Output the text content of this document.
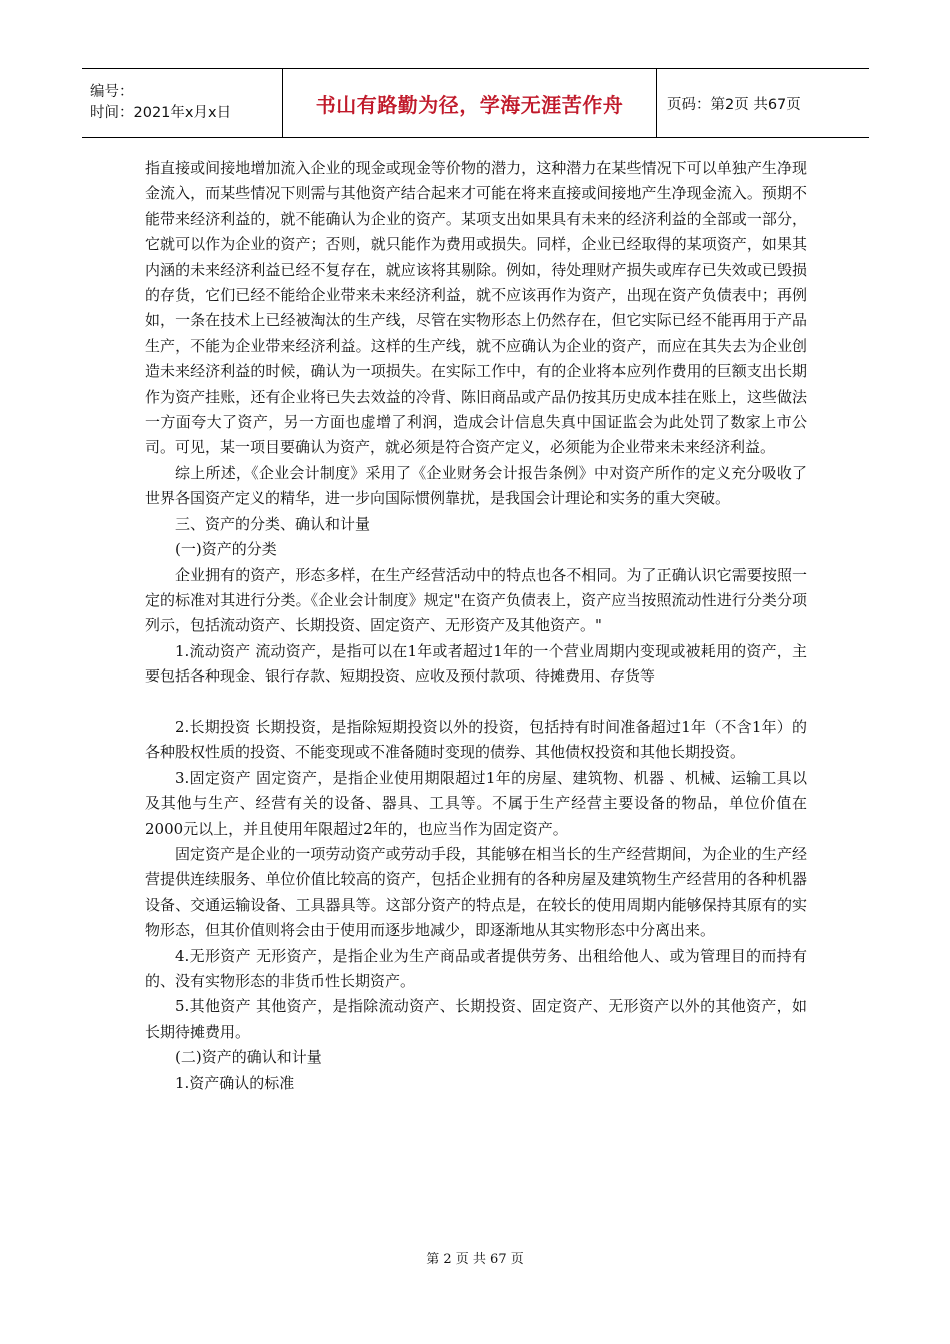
编号：
时间：2021年x月x日	书山有路勤为径，学海无涯苦作舟	页码：第2页 共67页

指直接或间接地增加流入企业的现金或现金等价物的潜力，这种潜力在某些情况下可以单独产生净现金流入，而某些情况下则需与其他资产结合起来才可能在将来直接或间接地产生净现金流入。预期不能带来经济利益的，就不能确认为企业的资产。某项支出如果具有未来的经济利益的全部或一部分，它就可以作为企业的资产；否则，就只能作为费用或损失。同样，企业已经取得的某项资产，如果其内涵的未来经济利益已经不复存在，就应该将其剔除。例如，待处理财产损失或库存已失效或已毁损的存货，它们已经不能给企业带来未来经济利益，就不应该再作为资产，出现在资产负债表中；再例如，一条在技术上已经被淘汰的生产线，尽管在实物形态上仍然存在，但它实际已经不能再用于产品生产，不能为企业带来经济利益。这样的生产线，就不应确认为企业的资产，而应在其失去为企业创造未来经济利益的时候，确认为一项损失。在实际工作中，有的企业将本应列作费用的巨额支出长期作为资产挂账，还有企业将已失去效益的冷背、陈旧商品或产品仍按其历史成本挂在账上，这些做法一方面夸大了资产，另一方面也虚增了利润，造成会计信息失真中国证监会为此处罚了数家上市公司。可见，某一项目要确认为资产，就必须是符合资产定义，必须能为企业带来未来经济利益。

综上所述，《企业会计制度》采用了《企业财务会计报告条例》中对资产所作的定义充分吸收了世界各国资产定义的精华，进一步向国际惯例靠扰，是我国会计理论和实务的重大突破。

三、资产的分类、确认和计量

(一)资产的分类

企业拥有的资产，形态多样，在生产经营活动中的特点也各不相同。为了正确认识它需要按照一定的标准对其进行分类。《企业会计制度》规定"在资产负债表上，资产应当按照流动性进行分类分项列示，包括流动资产、长期投资、固定资产、无形资产及其他资产。"

1.流动资产 流动资产，是指可以在1年或者超过1年的一个营业周期内变现或被耗用的资产，主要包括各种现金、银行存款、短期投资、应收及预付款项、待摊费用、存货等

2.长期投资 长期投资，是指除短期投资以外的投资，包括持有时间准备超过1年（不含1年）的各种股权性质的投资、不能变现或不准备随时变现的债券、其他债权投资和其他长期投资。

3.固定资产 固定资产，是指企业使用期限超过1年的房屋、建筑物、机器 、机械、运输工具以及其他与生产、经营有关的设备、器具、工具等。不属于生产经营主要设备的物品，单位价值在2000元以上，并且使用年限超过2年的，也应当作为固定资产。

固定资产是企业的一项劳动资产或劳动手段，其能够在相当长的生产经营期间，为企业的生产经营提供连续服务、单位价值比较高的资产，包括企业拥有的各种房屋及建筑物生产经营用的各种机器设备、交通运输设备、工具器具等。这部分资产的特点是，在较长的使用周期内能够保持其原有的实物形态，但其价值则将会由于使用而逐步地减少，即逐渐地从其实物形态中分离出来。

4.无形资产 无形资产，是指企业为生产商品或者提供劳务、出租给他人、或为管理目的而持有的、没有实物形态的非货币性长期资产。

5.其他资产 其他资产，是指除流动资产、长期投资、固定资产、无形资产以外的其他资产，如长期待摊费用。

(二)资产的确认和计量

1.资产确认的标准

第 2 页 共 67 页
